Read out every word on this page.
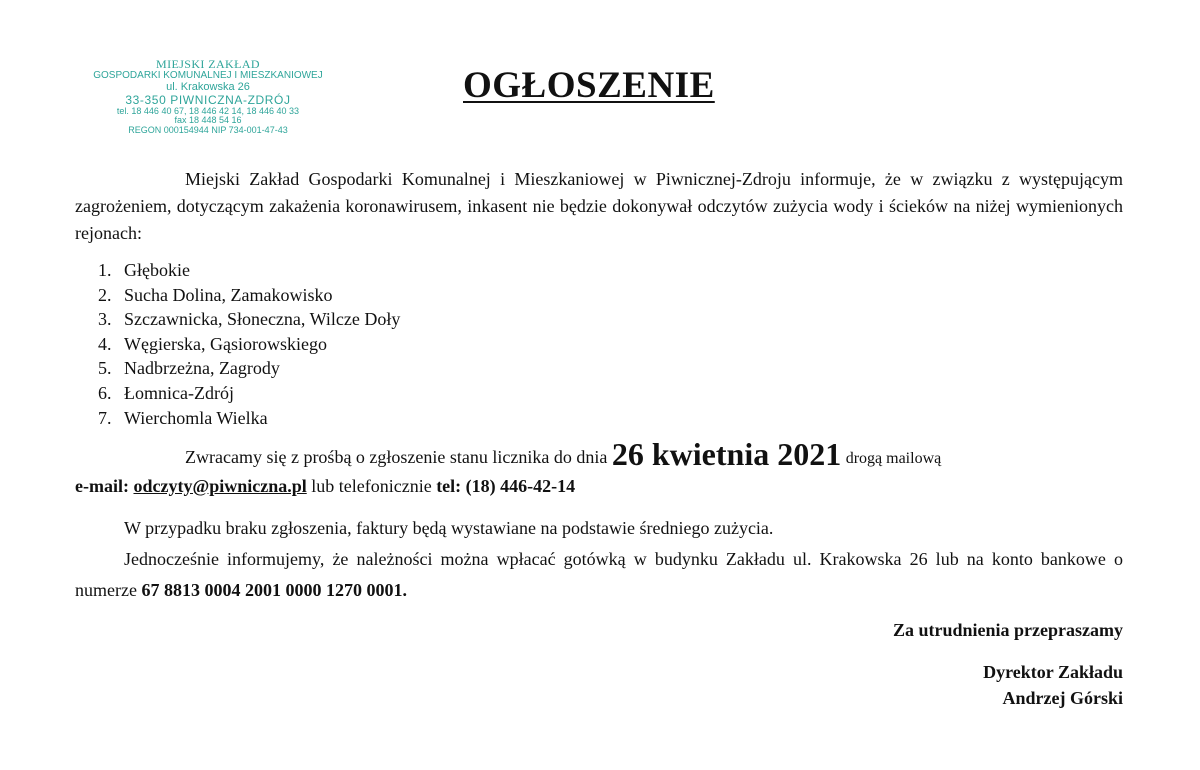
MIEJSKI ZAKŁAD
GOSPODARKI KOMUNALNEJ I MIESZKANIOWEJ
ul. Krakowska 26
33-350 PIWNICZNA-ZDRÓJ
tel. 18 446 40 67, 18 446 42 14, 18 446 40 33
fax 18 448 54 16
REGON 000154944 NIP 734-001-47-43
OGŁOSZENIE
Miejski Zakład Gospodarki Komunalnej i Mieszkaniowej w Piwnicznej-Zdroju informuje, że w związku z występującym zagrożeniem, dotyczącym zakażenia koronawirusem, inkasent nie będzie dokonywał odczytów zużycia wody i ścieków na niżej wymienionych rejonach:
1. Głębokie
2. Sucha Dolina, Zamakowisko
3. Szczawnicka, Słoneczna, Wilcze Doły
4. Węgierska, Gąsiorowskiego
5. Nadbrzeżna, Zagrody
6. Łomnica-Zdrój
7. Wierchomla Wielka
Zwracamy się z prośbą o zgłoszenie stanu licznika do dnia 26 kwietnia 2021 drogą mailową
e-mail: odczyty@piwniczna.pl lub telefonicznie tel: (18) 446-42-14
W przypadku braku zgłoszenia, faktury będą wystawiane na podstawie średniego zużycia.
Jednocześnie informujemy, że należności można wpłacać gotówką w budynku Zakładu ul. Krakowska 26 lub na konto bankowe o numerze 67 8813 0004 2001 0000 1270 0001.
Za utrudnienia przepraszamy
Dyrektor Zakładu
Andrzej Górski
